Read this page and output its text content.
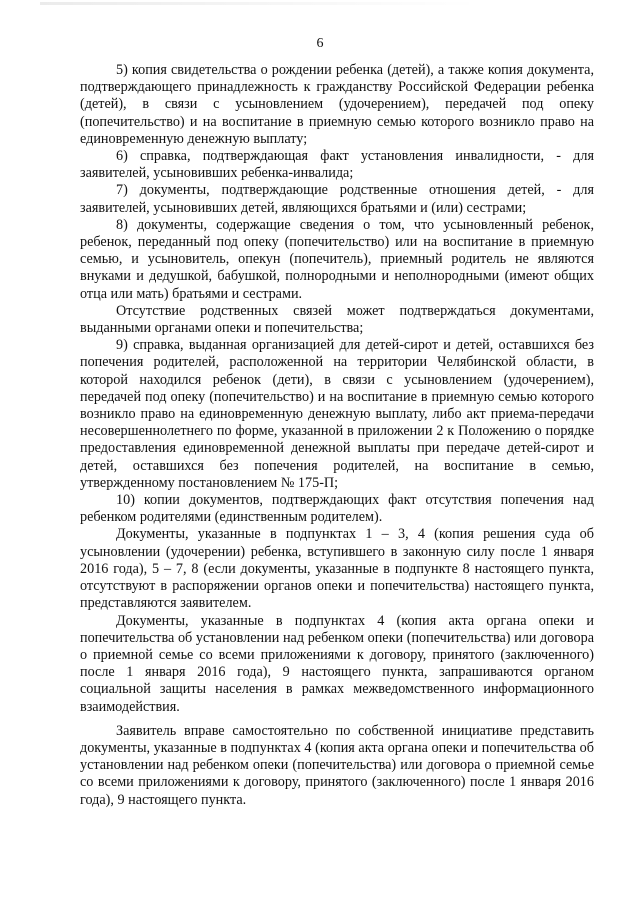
6

5) копия свидетельства о рождении ребенка (детей), а также копия документа, подтверждающего принадлежность к гражданству Российской Федерации ребенка (детей), в связи с усыновлением (удочерением), передачей под опеку (попечительство) и на воспитание в приемную семью которого возникло право на единовременную денежную выплату;

6) справка, подтверждающая факт установления инвалидности, - для заявителей, усыновивших ребенка-инвалида;

7) документы, подтверждающие родственные отношения детей, - для заявителей, усыновивших детей, являющихся братьями и (или) сестрами;

8) документы, содержащие сведения о том, что усыновленный ребенок, ребенок, переданный под опеку (попечительство) или на воспитание в приемную семью, и усыновитель, опекун (попечитель), приемный родитель не являются внуками и дедушкой, бабушкой, полнородными и неполнородными (имеют общих отца или мать) братьями и сестрами.

Отсутствие родственных связей может подтверждаться документами, выданными органами опеки и попечительства;

9) справка, выданная организацией для детей-сирот и детей, оставшихся без попечения родителей, расположенной на территории Челябинской области, в которой находился ребенок (дети), в связи с усыновлением (удочерением), передачей под опеку (попечительство) и на воспитание в приемную семью которого возникло право на единовременную денежную выплату, либо акт приема-передачи несовершеннолетнего по форме, указанной в приложении 2 к Положению о порядке предоставления единовременной денежной выплаты при передаче детей-сирот и детей, оставшихся без попечения родителей, на воспитание в семью, утвержденному постановлением № 175-П;

10) копии документов, подтверждающих факт отсутствия попечения над ребенком родителями (единственным родителем).

Документы, указанные в подпунктах 1 – 3, 4 (копия решения суда об усыновлении (удочерении) ребенка, вступившего в законную силу после 1 января 2016 года), 5 – 7, 8 (если документы, указанные в подпункте 8 настоящего пункта, отсутствуют в распоряжении органов опеки и попечительства) настоящего пункта, представляются заявителем.

Документы, указанные в подпунктах 4 (копия акта органа опеки и попечительства об установлении над ребенком опеки (попечительства) или договора о приемной семье со всеми приложениями к договору, принятого (заключенного) после 1 января 2016 года), 9 настоящего пункта, запрашиваются органом социальной защиты населения в рамках межведомственного информационного взаимодействия.

Заявитель вправе самостоятельно по собственной инициативе представить документы, указанные в подпунктах 4 (копия акта органа опеки и попечительства об установлении над ребенком опеки (попечительства) или договора о приемной семье со всеми приложениями к договору, принятого (заключенного) после 1 января 2016 года), 9 настоящего пункта.
